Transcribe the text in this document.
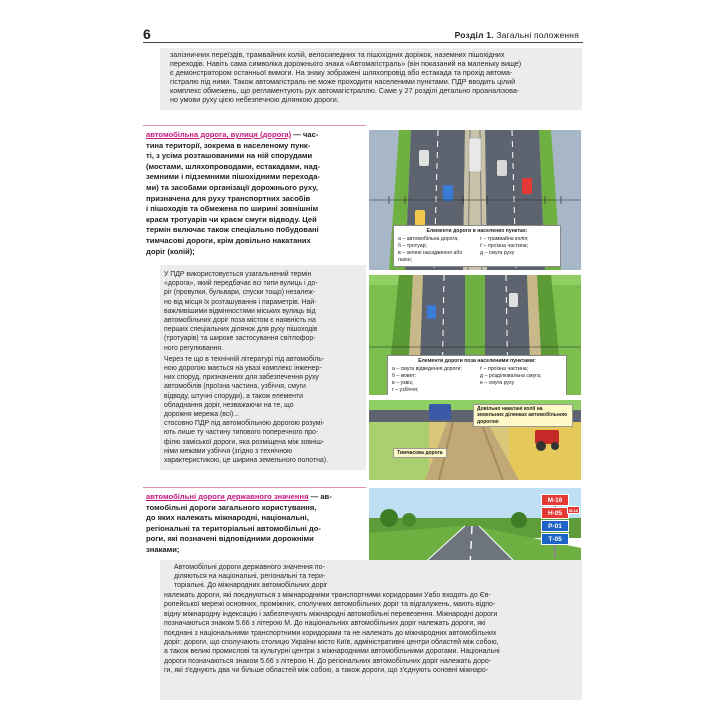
6	Розділ 1. Загальні положення
залізничних переїздів, трамвайних колій, велосипедних та пішохідних доріжок, наземних пішохідних
переходів. Навіть сама символіка дорожнього знака «Автомагістраль» (він показаний на маленьку вище)
є демонстратором останньої вимоги. На знаку зображені шляхопровід або естакада та прохід автома-
гістралю під ними. Також автомагістраль не може проходити населеними пунктами. ПДР вводить цілий
комплекс обмежень, що регламентують рух автомагістраллю. Саме у 27 розділі детально проаналізова-
но умови руху цією небезпечною ділянкою дороги.
автомобільна дорога, вулиця (дорога) — час-
тина території, зокрема в населеному пунк-
ті, з усіма розташованими на ній спорудами
(мостами, шляхопроводами, естакадами, над-
земними і підземними пішохідними перехода-
ми) та засобами організації дорожнього руху,
призначена для руху транспортних засобів
і пішоходів та обмежена по ширині зовнішнім
краєм тротуарів чи краєм смуги відводу. Цей
термін включає також спеціально побудовані
тимчасові дороги, крім довільно накатаних
доріг (колій);
У ПДР використовується узагальнений термін
«дорога», який передбачає всі типи вулиць і до-
ріг (провулки, бульвари, спуски тощо) незалеж-
но від місця їх розташування і параметрів. Най-
важливішими відмінностями міських вулиць від
автомобільних доріг поза містом є наявність на
перших спеціальних ділянок для руху пішоходів
(тротуарів) та широке застосування світлофор-
ного регулювання.
Через те що в технічній літературі під автомобіль-
ною дорогою мається на увазі комплекс інженер-
них споруд, призначених для забезпечення руху
автомобілів (проїзна частина, узбіччя, смуги
відводу, штучні споруди), а також елементи
обладнання доріг, незважаючи на те, що
дорожня мережа (всі)...
стосовно ПДР під автомобільною дорогою розумі-
ють лише ту частину типового поперечного про-
філю заміської дороги, яка розміщена між зовніш-
німи межами узбіччя (згідно з технічною
характеристикою, це ширина земельного полотна).
Елементи дороги в населених пунктах:
а – автомобільна дорога;	г – трамвайна колія;
б – тротуар;	ґ – проїзна частина;
в – зелені насадження або газон;
д – смуга руху
Елементи дороги поза населеними пунктами:
а – смуга відведення дороги;	ґ – проїзна частина;
б – кювет;	д – розділювальна смуга;
в – узвіз;	е – смуга руху
г – узбіччя;
Довільно накатані колії на земельних ділянках автомобільною дорогою
Тимчасова дорога
автомобільні дороги державного значення — ав-
томобільні дороги загального користування,
до яких належать міжнародні, національні,
регіональні та територіальні автомобільні до-
роги, які позначені відповідними дорожніми
знаками;
М-16
Н-05
Р-01
Т-05
М-16
Автомобільні дороги державного значення по-
діляються на національні, регіональні та тери-
торіальні. До міжнародних автомобільних доріг
належать дороги, які поєднуються з міжнародними транспортними коридорами Уабо входять до Єв-
ропейської мережі основних, проміжних, сполучних автомобільних доріг та відгалужень, мають відпо-
відну міжнародну індексацію і забезпечують міжнародні автомобільні перевезення. Міжнародні дороги
позначаються знаком 5.66 з літерою М. До національних автомобільних доріг належать дороги, які
поєднані з національними транспортними коридорами та не належать до міжнародних автомобільних
доріг: дороги, що сполучають столицю України місто Київ, адміністративні центри областей між собою,
а також великі промислові та культурні центри з міжнародними автомобільними дорогами. Національні
дороги позначаються знаком 5.66 з літерою Н. До регіональних автомобільних доріг належать доро-
ги, які з'єднують два чи більше областей між собою, а також дороги, що з'єднують основні міжнаро-
